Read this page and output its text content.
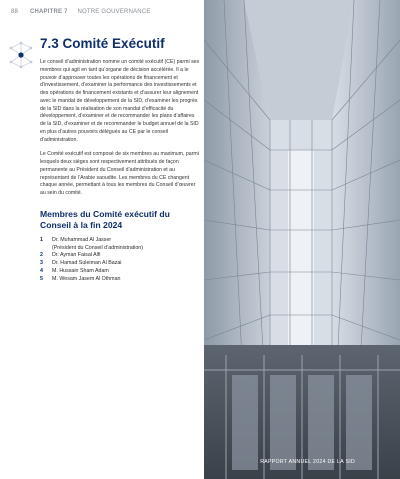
88 CHAPITRE 7 NOTRE GOUVERNANCE
7.3 Comité Exécutif

Le conseil d’administration nomme un comité exécutif (CE) parmi ses membres qui agit en tant qu’organe de décision accélérée. Il a le pouvoir d’approuver toutes les opérations de financement et d’investissement, d’examiner la performance des investissements et des opérations de financement existants et d’assurer leur alignement avec le mandat de développement de la SID, d’examiner les progrès de la SID dans la réalisation de son mandat d’efficacité du développement, d’examiner et de recommander les plans d’affaires de la SID, d’examiner et de recommander le budget annuel de la SID en plus d’autres pouvoirs délégués au CE par le conseil d’administration.

Le Comité exécutif est composé de six membres au maximum, parmi lesquels deux sièges sont respectivement attribués de façon permanente au Président du Conseil d’administration et au représentant de l’Arabie saoudite. Les membres du CE changent chaque année, permettant à tous les membres du Conseil d’œuvrer au sein du comité.

Membres du Comité exécutif du Conseil à la fin 2024
1	Dr. Muhammad Al Jasser
(Président du Conseil d’administration)
2	Dr. Ayman Faisal Alfi
3	Dr. Hamad Suleiman Al Bazai
4	M. Hussain Sham Adam
5	M. Wesam Jasem Al Othman
RAPPORT ANNUEL 2024 DE LA SID
